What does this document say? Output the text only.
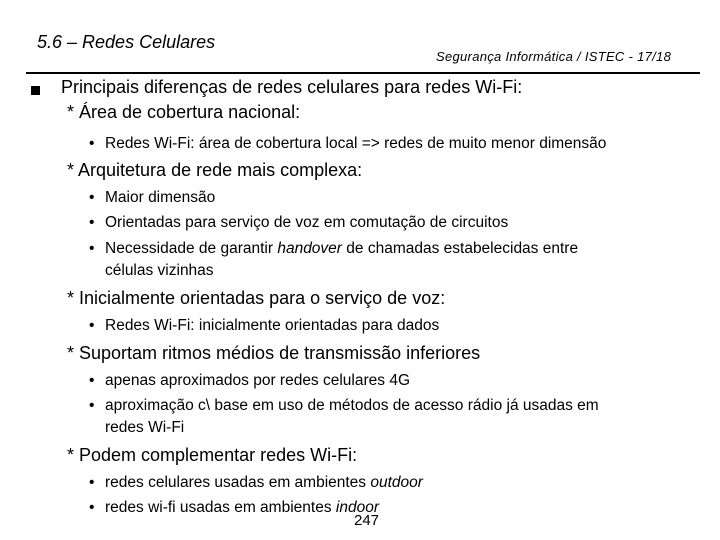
5.6 – Redes Celulares
Segurança Informática / ISTEC - 17/18
Principais diferenças de redes celulares para redes Wi-Fi:
* Área de cobertura nacional:
• Redes Wi-Fi: área de cobertura local => redes de muito menor dimensão
* Arquitetura de rede mais complexa:
• Maior dimensão
• Orientadas para serviço de voz em comutação de circuitos
• Necessidade de garantir handover de chamadas estabelecidas entre
células vizinhas
* Inicialmente orientadas para o serviço de voz:
• Redes Wi-Fi: inicialmente orientadas para dados
* Suportam ritmos médios de transmissão inferiores
• apenas aproximados por redes celulares 4G
• aproximação c\ base em uso de métodos de acesso rádio já usadas em
redes Wi-Fi
* Podem complementar redes Wi-Fi:
• redes celulares usadas em ambientes outdoor
• redes wi-fi usadas em ambientes indoor
247
